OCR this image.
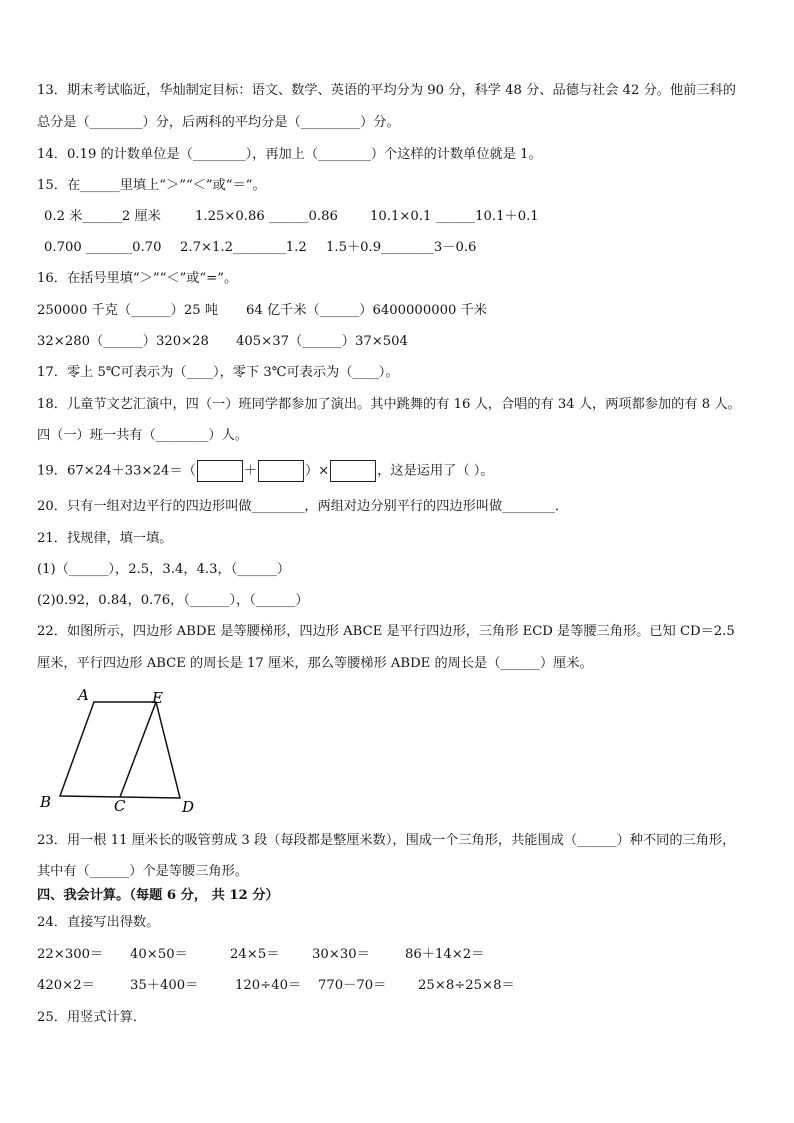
13．期末考试临近，华灿制定目标：语文、数学、英语的平均分为 90 分，科学 48 分、品德与社会 42 分。他前三科的
总分是（________）分，后两科的平均分是（_________）分。
14．0.19 的计数单位是（________），再加上（________）个这样的计数单位就是 1。
15．在______里填上“＞”“＜”或“＝”。
0.2 米______2 厘米	1.25×0.86 ______0.86 10.1×0.1 ______10.1＋0.1
0.700 _______0.70 2.7×1.2________1.2 1.5＋0.9________3－0.6
16．在括号里填“＞”“＜”或“=”。
250000 千克（______）25 吨 64 亿千米（______）6400000000 千米
32×280（______）320×28 405×37（______）37×504
17．零上 5℃可表示为（____），零下 3℃可表示为（____）。
18．儿童节文艺汇演中，四（一）班同学都参加了演出。其中跳舞的有 16 人，合唱的有 34 人，两项都参加的有 8 人。
四（一）班一共有（________）人。
19．67×24＋33×24＝（	＋	）×	，这是运用了（ ）。
20．只有一组对边平行的四边形叫做________，两组对边分别平行的四边形叫做________．
21．找规律，填一填。
(1)（______），2.5，3.4，4.3，（______）
(2)0.92，0.84，0.76，（______），（______）
22．如图所示，四边形 ABDE 是等腰梯形，四边形 ABCE 是平行四边形，三角形 ECD 是等腰三角形。已知 CD＝2.5
厘米，平行四边形 ABCE 的周长是 17 厘米，那么等腰梯形 ABDE 的周长是（______）厘米。
A	E
B	C	D
23．用一根 11 厘米长的吸管剪成 3 段（每段都是整厘米数），围成一个三角形，共能围成（______）种不同的三角形，
其中有（______）个是等腰三角形。
四、我会计算。（每题 6 分， 共 12 分）
24．直接写出得数。
22×300＝ 40×50＝	24×5＝ 30×30＝	86＋14×2＝
420×2＝	35＋400＝	120÷40＝ 770－70＝ 25×8÷25×8＝
25．用竖式计算．
